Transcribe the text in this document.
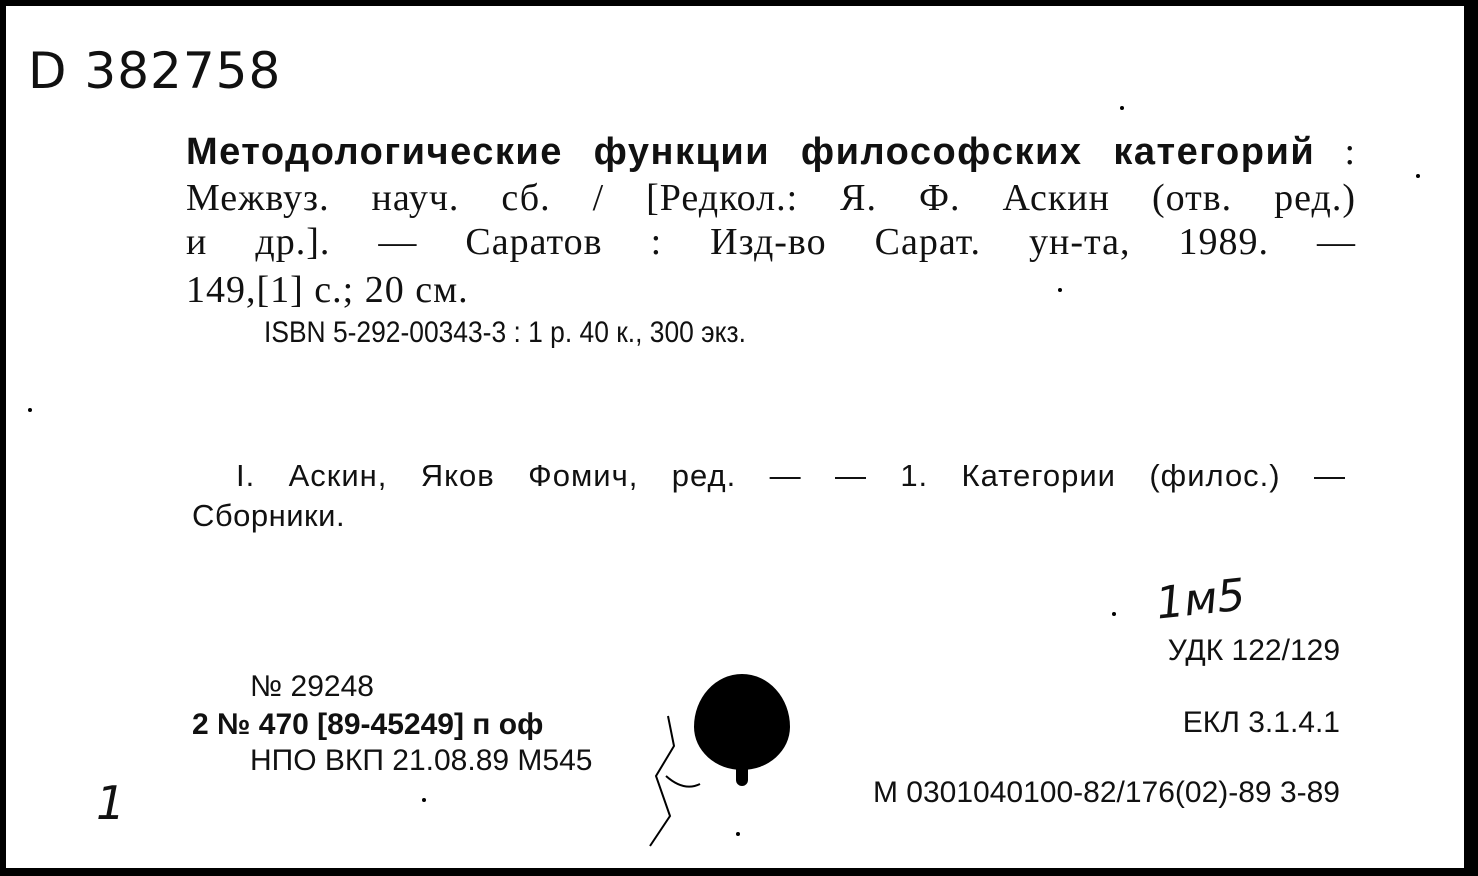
D 382758
Методологические функции философских категорий :
Межвуз. науч. сб. / [Редкол.: Я. Ф. Аскин (отв. ред.)
и др.]. — Саратов : Изд-во Сарат. ун-та, 1989. —
149,[1] с.; 20 см.
ISBN 5-292-00343-3 : 1 р. 40 к., 300 экз.
I. Аскин, Яков Фомич, ред. — — 1. Категории (филос.) —
Сборники.
1м5
УДК 122/129
ЕКЛ 3.1.4.1
М 0301040100-82/176(02)-89 3-89
№ 29248
2 № 470 [89-45249] п оф
НПО ВКП 21.08.89 М545
1
